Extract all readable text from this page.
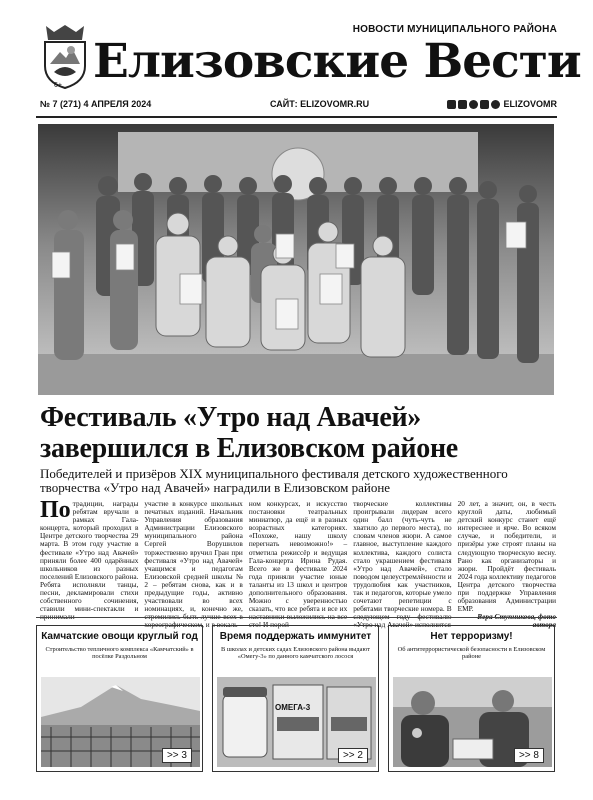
6+
НОВОСТИ МУНИЦИПАЛЬНОГО РАЙОНА
Елизовские Вести
№ 7 (271) 4 АПРЕЛЯ 2024	САЙТ: ELIZOVOMR.RU	ELIZOVOMR
Фестиваль «Утро над Авачей» завершился в Елизовском районе

Победителей и призёров XIX муниципального фестиваля детского художественного творчества «Утро над Авачей» наградили в Елизовском районе

По традиции, награды ребятам вручали в рамках Гала-концерта, который проходил в Центре детского творчества 29 марта. В этом году участие в фестивале «Утро над Авачей» приняли более 400 одарённых школьников из разных поселений Елизовского района. Ребята исполняли танцы, песни, декламировали стихи собственного сочинения, ставили мини-спектакли и принимали
участие в конкурсе школьных печатных изданий. Начальник Управления образования Администрации Елизовского муниципального района Сергей Ворушилов торжественно вручил Гран при фестиваля «Утро над Авачей» учащимся и педагогам Елизовской средней школы № 2 – ребятам снова, как и в предыдущие годы, активно участвовали во всех номинациях, и, конечно же, стремились быть лучше всех в хореографическом, и в вокаль-
ном конкурсах, и искусство постановки театральных миниатюр, да ещё и в разных возрастных категориях. «Похоже, нашу школу перегнать невозможно!» – отметила режиссёр и ведущая Гала-концерта Ирина Рудая. Всего же в фестивале 2024 года приняли участие юные таланты из 13 школ и центров дополнительного образования. Можно с уверенностью сказать, что все ребята и все их наставники выложились на все сто! И порой
творческие коллективы проигрывали лидерам всего один балл (чуть-чуть не хватило до первого места), по словам членов жюри. А самое главное, выступление каждого коллектива, каждого солиста стало украшением фестиваля «Утро над Авачей», стало поводом целеустремлённости и трудолюбия как участников, так и педагогов, которые умело сочетают репетиции с ребятами творческие номера. В следующем году фестивалю «Утро над Авачей» исполнится
20 лет, а значит, он, в честь круглой даты, любимый детский конкурс станет ещё интереснее и ярче. Во всяком случае, и победители, и призёры уже строят планы на следующую творческую весну. Рано как организаторы и жюри. Пройдёт фестиваль 2024 года коллективу педагогов Центра детского творчества при поддержке Управления образования Администрации ЕМР.
Вера Ступникова, фото автора
Камчатские овощи круглый год
Строительство тепличного комплекса «Камчатский» в посёлке Раздольном
>> 3
Время поддержать иммунитет
В школах и детских садах Елизовского района выдают «Омегу-3» по данного камчатского лосося
ОМЕГА-3
>> 2
Нет терроризму!
Об антитеррористической безопасности в Елизовском районе
>> 8
